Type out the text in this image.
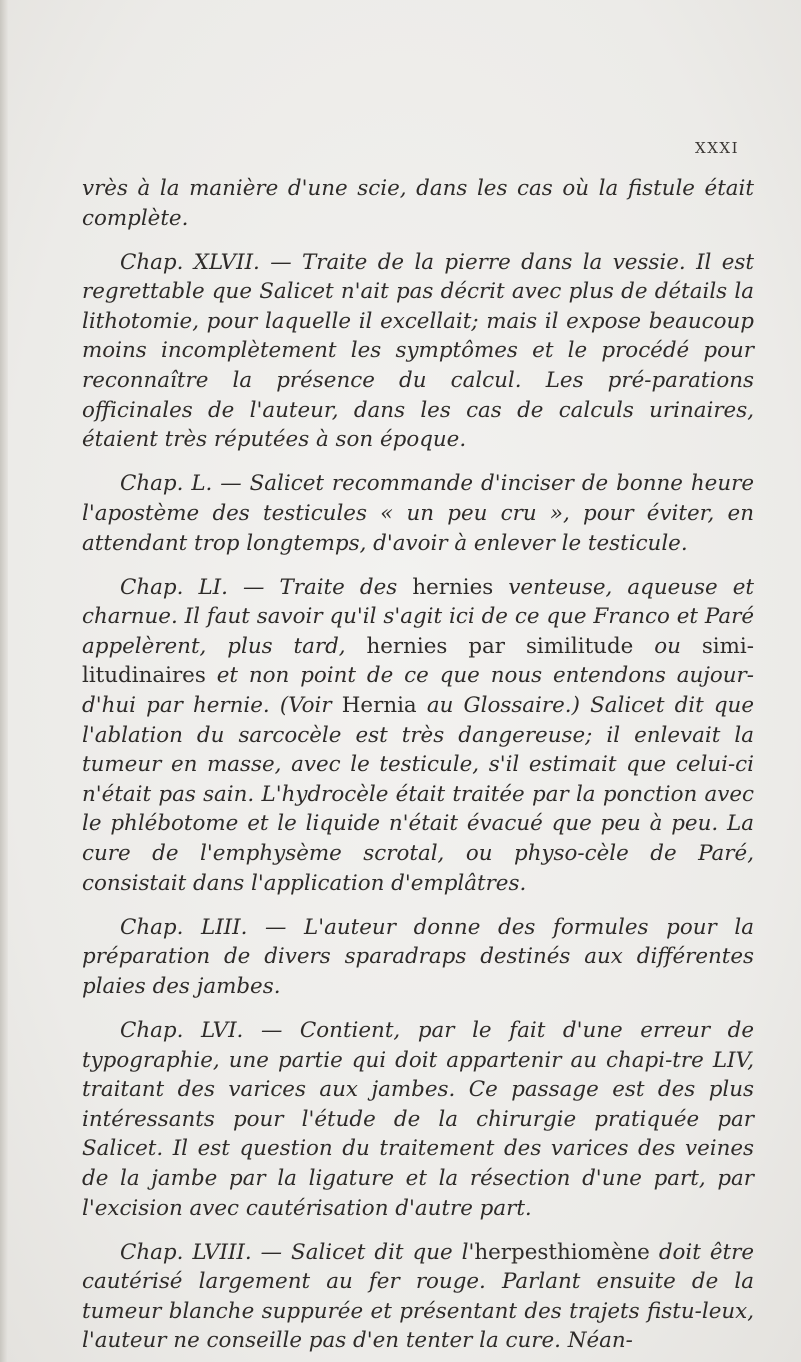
XXXI

vrès à la manière d'une scie, dans les cas où la fistule était complète.

Chap. XLVII. — Traite de la pierre dans la vessie. Il est regrettable que Salicet n'ait pas décrit avec plus de détails la lithotomie, pour laquelle il excellait; mais il expose beaucoup moins incomplètement les symptômes et le procédé pour reconnaître la présence du calcul. Les pré-parations officinales de l'auteur, dans les cas de calculs urinaires, étaient très réputées à son époque.

Chap. L. — Salicet recommande d'inciser de bonne heure l'apostème des testicules « un peu cru », pour éviter, en attendant trop longtemps, d'avoir à enlever le testicule.

Chap. LI. — Traite des hernies venteuse, aqueuse et charnue. Il faut savoir qu'il s'agit ici de ce que Franco et Paré appelèrent, plus tard, hernies par similitude ou simi-litudinaires et non point de ce que nous entendons aujour-d'hui par hernie. (Voir Hernia au Glossaire.) Salicet dit que l'ablation du sarcocèle est très dangereuse; il enlevait la tumeur en masse, avec le testicule, s'il estimait que celui-ci n'était pas sain. L'hydrocèle était traitée par la ponction avec le phlébotome et le liquide n'était évacué que peu à peu. La cure de l'emphysème scrotal, ou physo-cèle de Paré, consistait dans l'application d'emplâtres.

Chap. LIII. — L'auteur donne des formules pour la préparation de divers sparadraps destinés aux différentes plaies des jambes.

Chap. LVI. — Contient, par le fait d'une erreur de typographie, une partie qui doit appartenir au chapi-tre LIV, traitant des varices aux jambes. Ce passage est des plus intéressants pour l'étude de la chirurgie pratiquée par Salicet. Il est question du traitement des varices des veines de la jambe par la ligature et la résection d'une part, par l'excision avec cautérisation d'autre part.

Chap. LVIII. — Salicet dit que l'herpesthiomène doit être cautérisé largement au fer rouge. Parlant ensuite de la tumeur blanche suppurée et présentant des trajets fistu-leux, l'auteur ne conseille pas d'en tenter la cure. Néan-
